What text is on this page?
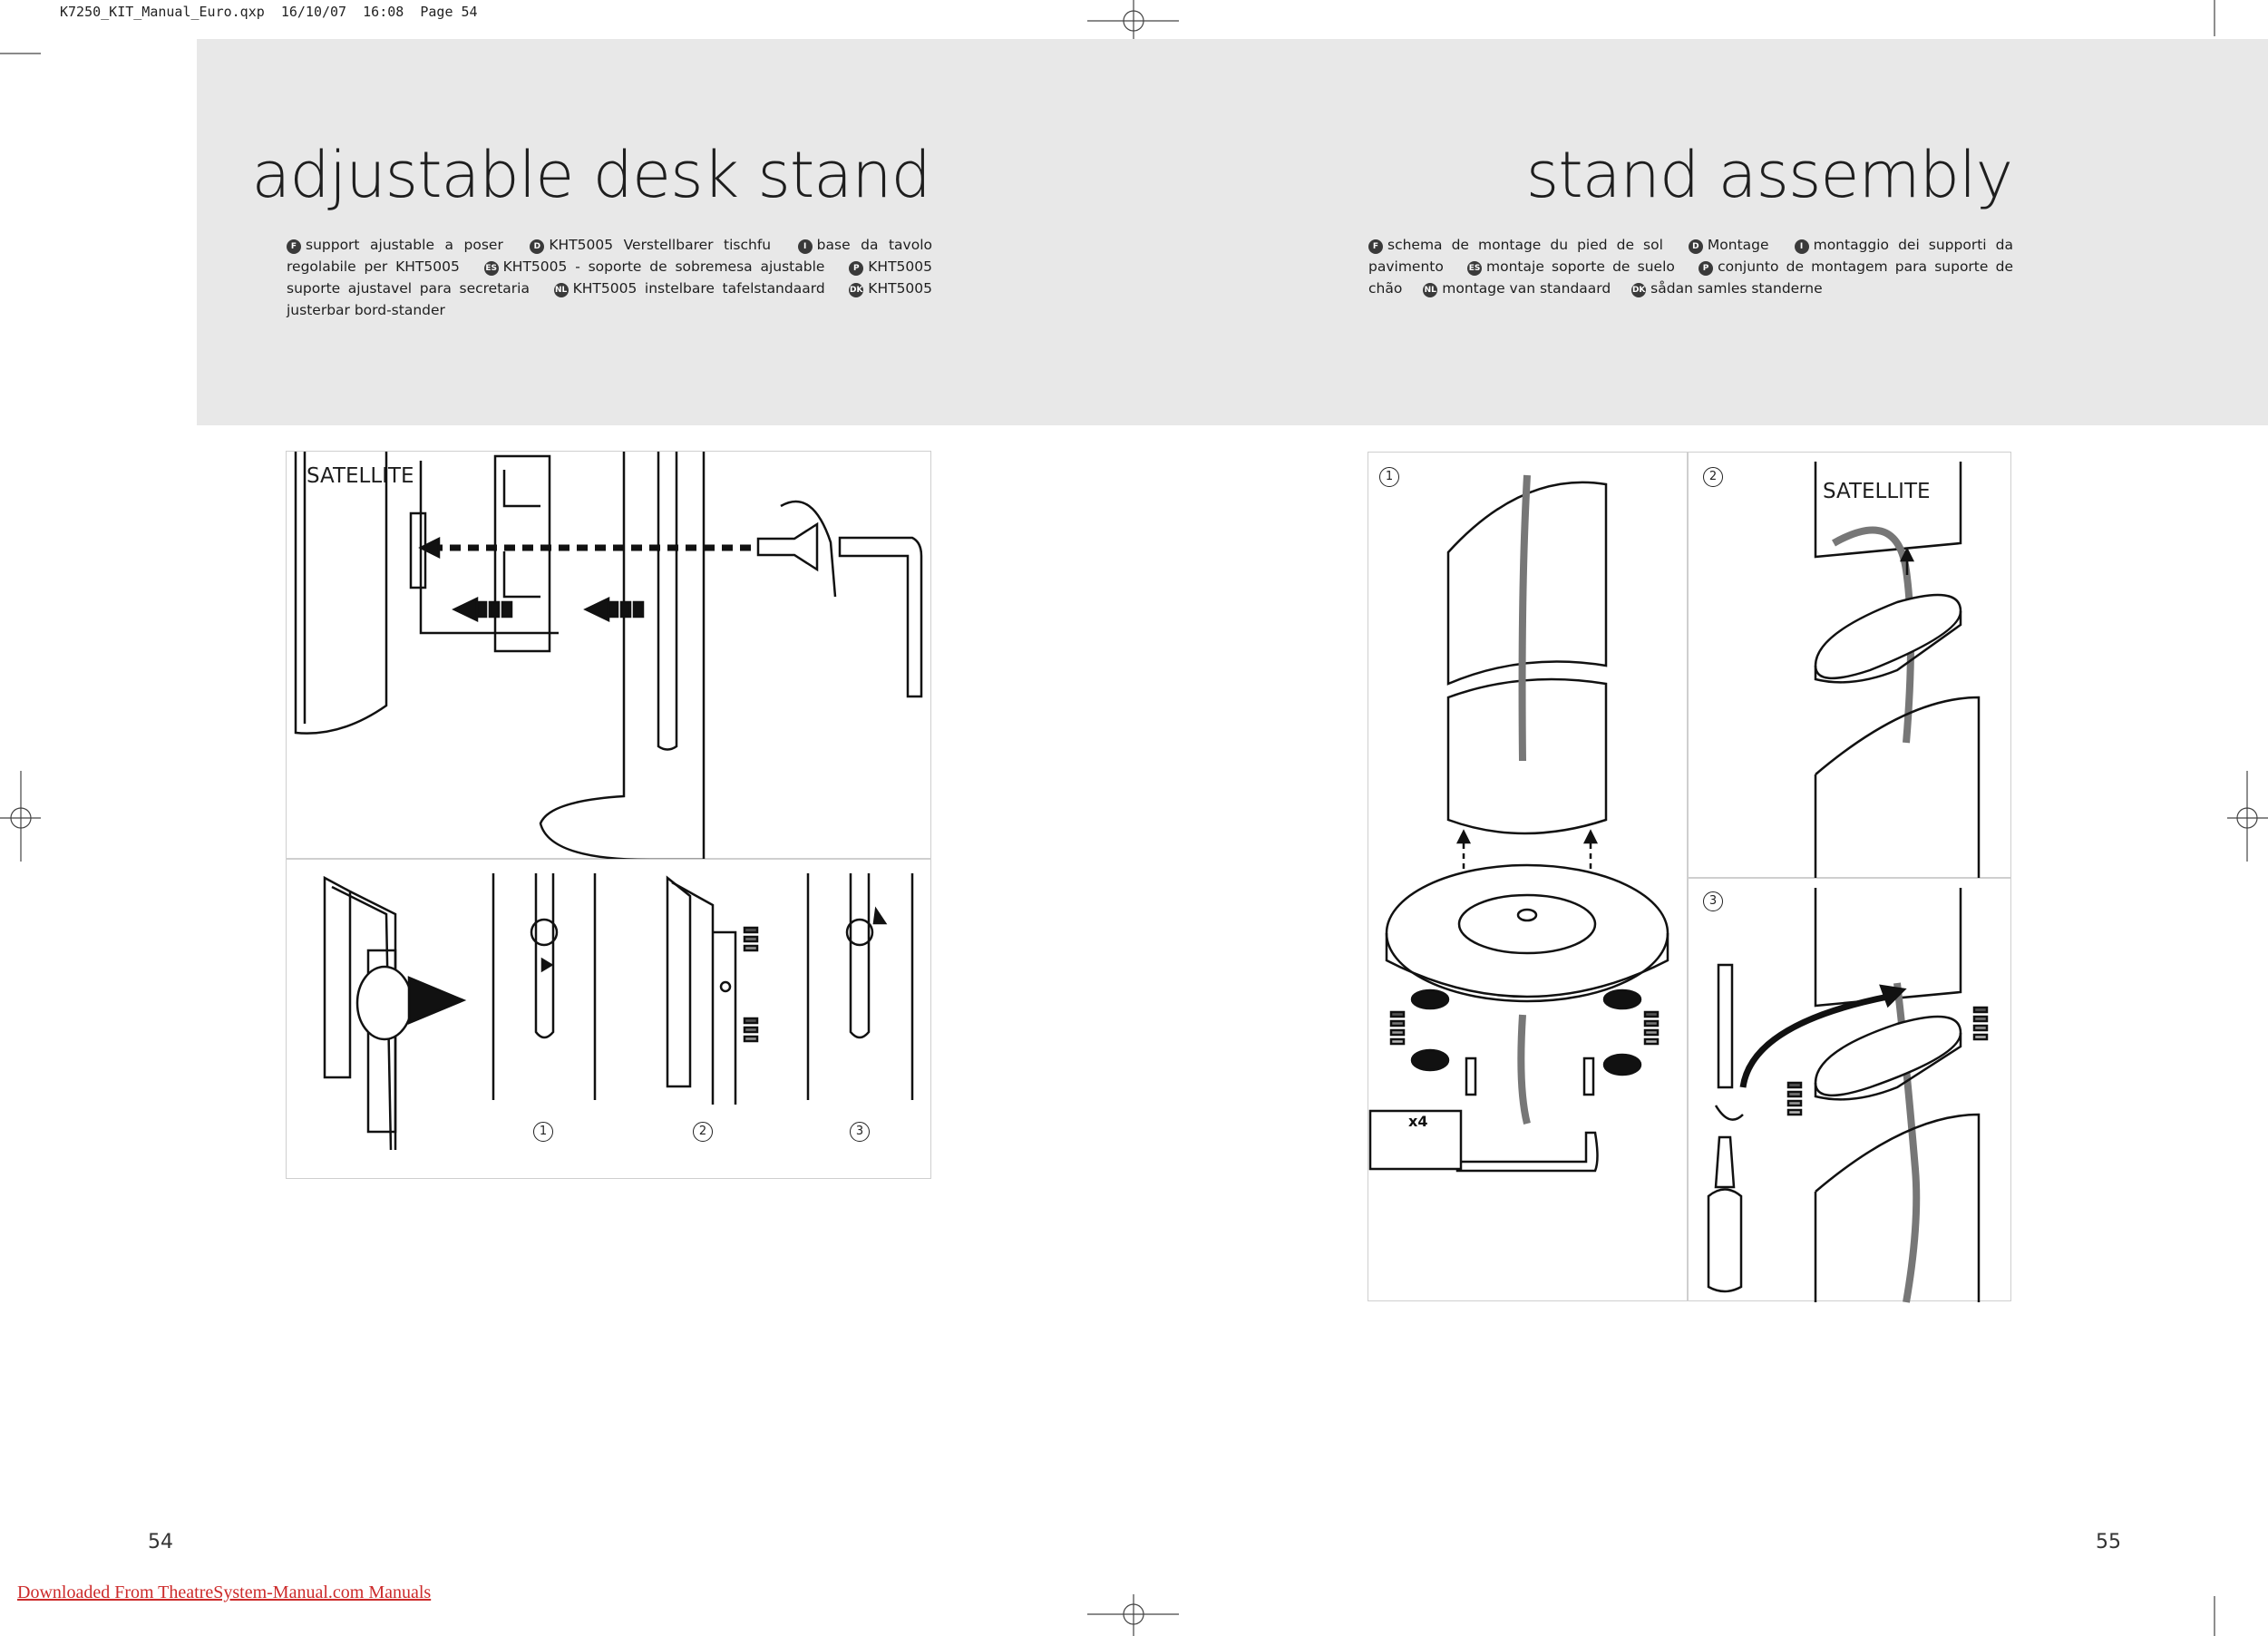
K7250_KIT_Manual_Euro.qxp  16/10/07  16:08  Page 54
adjustable desk stand
F support ajustable a poser	D KHT5005 Verstellbarer tischfu	I base da tavolo regolabile per KHT5005	ES KHT5005 - soporte de sobremesa ajustable	P KHT5005 suporte ajustavel para secretaria	NL KHT5005 instelbare tafelstandaard	DK KHT5005 justerbar bord-stander
SATELLITE
1	2	3
stand assembly
F schema de montage du pied de sol	D Montage	I montaggio dei supporti da pavimento	ES montaje soporte de suelo	P conjunto de montagem para suporte de chão	NL montage van standaard	DK sådan samles standerne
1
x4
2
SATELLITE
3
54	55
Downloaded From TheatreSystem-Manual.com Manuals
